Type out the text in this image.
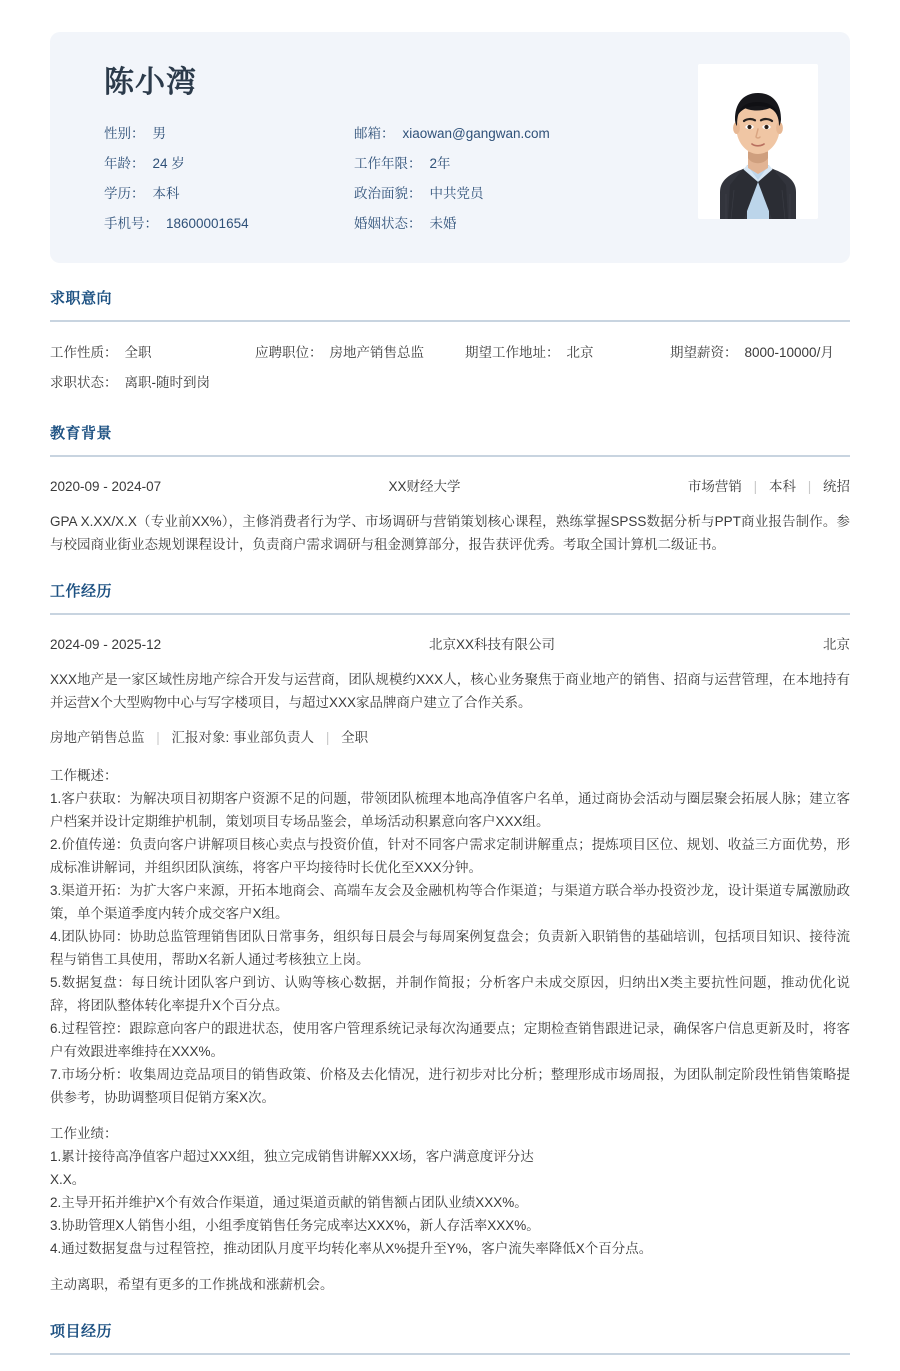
陈小湾
性别： 男	邮箱： xiaowan@gangwan.com
年龄： 24 岁	工作年限： 2年
学历： 本科	政治面貌： 中共党员
手机号： 18600001654	婚姻状态： 未婚
求职意向
工作性质： 全职	应聘职位： 房地产销售总监	期望工作地址： 北京	期望薪资： 8000-10000/月
求职状态： 离职-随时到岗
教育背景
2020-09 - 2024-07	XX财经大学	市场营销 | 本科 | 统招
GPA X.XX/X.X（专业前XX%），主修消费者行为学、市场调研与营销策划核心课程，熟练掌握SPSS数据分析与PPT商业报告制作。参与校园商业街业态规划课程设计，负责商户需求调研与租金测算部分，报告获评优秀。考取全国计算机二级证书。
工作经历
2024-09 - 2025-12	北京XX科技有限公司	北京
XXX地产是一家区域性房地产综合开发与运营商，团队规模约XXX人，核心业务聚焦于商业地产的销售、招商与运营管理，在本地持有并运营X个大型购物中心与写字楼项目，与超过XXX家品牌商户建立了合作关系。
房地产销售总监 | 汇报对象: 事业部负责人 | 全职
工作概述：
1.客户获取：为解决项目初期客户资源不足的问题，带领团队梳理本地高净值客户名单，通过商协会活动与圈层聚会拓展人脉；建立客户档案并设计定期维护机制，策划项目专场品鉴会，单场活动积累意向客户XXX组。
2.价值传递：负责向客户讲解项目核心卖点与投资价值，针对不同客户需求定制讲解重点；提炼项目区位、规划、收益三方面优势，形成标准讲解词，并组织团队演练，将客户平均接待时长优化至XXX分钟。
3.渠道开拓：为扩大客户来源，开拓本地商会、高端车友会及金融机构等合作渠道；与渠道方联合举办投资沙龙，设计渠道专属激励政策，单个渠道季度内转介成交客户X组。
4.团队协同：协助总监管理销售团队日常事务，组织每日晨会与每周案例复盘会；负责新入职销售的基础培训，包括项目知识、接待流程与销售工具使用，帮助X名新人通过考核独立上岗。
5.数据复盘：每日统计团队客户到访、认购等核心数据，并制作简报；分析客户未成交原因，归纳出X类主要抗性问题，推动优化说辞，将团队整体转化率提升X个百分点。
6.过程管控：跟踪意向客户的跟进状态，使用客户管理系统记录每次沟通要点；定期检查销售跟进记录，确保客户信息更新及时，将客户有效跟进率维持在XXX%。
7.市场分析：收集周边竞品项目的销售政策、价格及去化情况，进行初步对比分析；整理形成市场周报，为团队制定阶段性销售策略提供参考，协助调整项目促销方案X次。
工作业绩：
1.累计接待高净值客户超过XXX组，独立完成销售讲解XXX场，客户满意度评分达
X.X。
2.主导开拓并维护X个有效合作渠道，通过渠道贡献的销售额占团队业绩XXX%。
3.协助管理X人销售小组，小组季度销售任务完成率达XXX%，新人存活率XXX%。
4.通过数据复盘与过程管控，推动团队月度平均转化率从X%提升至Y%，客户流失率降低X个百分点。
主动离职，希望有更多的工作挑战和涨薪机会。
项目经历
